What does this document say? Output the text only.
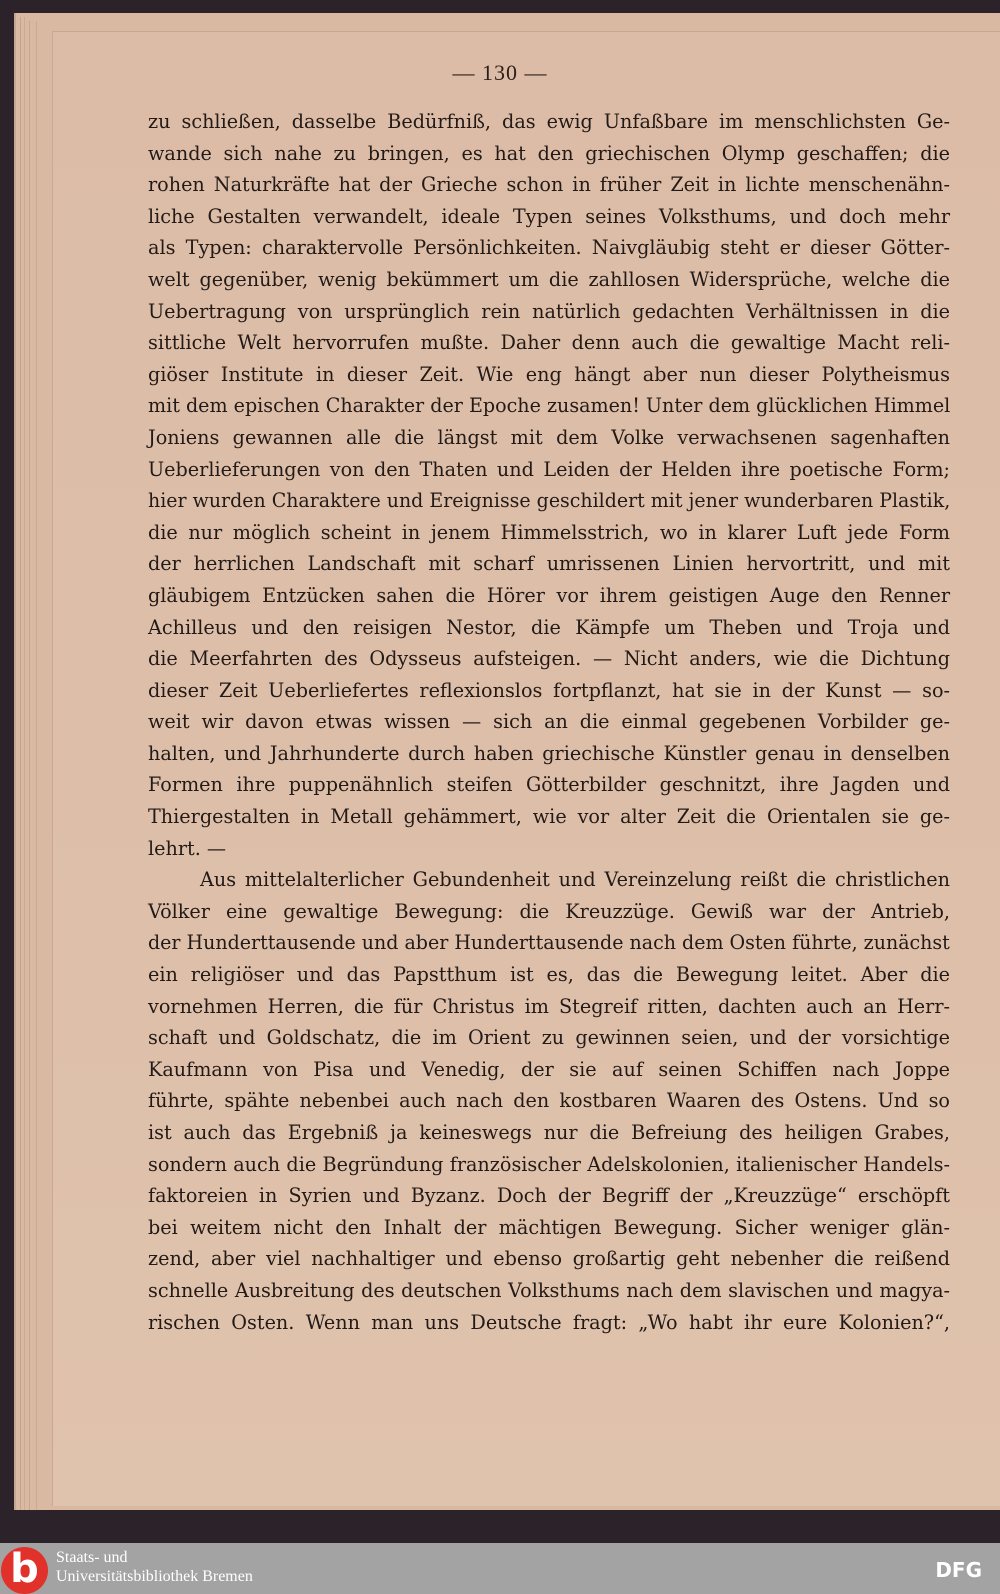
— 130 —
zu schließen, dasselbe Bedürfniß, das ewig Unfaßbare im menschlichsten Ge-
wande sich nahe zu bringen, es hat den griechischen Olymp geschaffen; die
rohen Naturkräfte hat der Grieche schon in früher Zeit in lichte menschenähn-
liche Gestalten verwandelt, ideale Typen seines Volksthums, und doch mehr
als Typen: charaktervolle Persönlichkeiten. Naivgläubig steht er dieser Götter-
welt gegenüber, wenig bekümmert um die zahllosen Widersprüche, welche die
Uebertragung von ursprünglich rein natürlich gedachten Verhältnissen in die
sittliche Welt hervorrufen mußte. Daher denn auch die gewaltige Macht reli-
giöser Institute in dieser Zeit. Wie eng hängt aber nun dieser Polytheismus
mit dem epischen Charakter der Epoche zusamen! Unter dem glücklichen Himmel
Joniens gewannen alle die längst mit dem Volke verwachsenen sagenhaften
Ueberlieferungen von den Thaten und Leiden der Helden ihre poetische Form;
hier wurden Charaktere und Ereignisse geschildert mit jener wunderbaren Plastik,
die nur möglich scheint in jenem Himmelsstrich, wo in klarer Luft jede Form
der herrlichen Landschaft mit scharf umrissenen Linien hervortritt, und mit
gläubigem Entzücken sahen die Hörer vor ihrem geistigen Auge den Renner
Achilleus und den reisigen Nestor, die Kämpfe um Theben und Troja und
die Meerfahrten des Odysseus aufsteigen. — Nicht anders, wie die Dichtung
dieser Zeit Ueberliefertes reflexionslos fortpflanzt, hat sie in der Kunst — so-
weit wir davon etwas wissen — sich an die einmal gegebenen Vorbilder ge-
halten, und Jahrhunderte durch haben griechische Künstler genau in denselben
Formen ihre puppenähnlich steifen Götterbilder geschnitzt, ihre Jagden und
Thiergestalten in Metall gehämmert, wie vor alter Zeit die Orientalen sie ge-
lehrt. —
Aus mittelalterlicher Gebundenheit und Vereinzelung reißt die christlichen
Völker eine gewaltige Bewegung: die Kreuzzüge. Gewiß war der Antrieb,
der Hunderttausende und aber Hunderttausende nach dem Osten führte, zunächst
ein religiöser und das Papstthum ist es, das die Bewegung leitet. Aber die
vornehmen Herren, die für Christus im Stegreif ritten, dachten auch an Herr-
schaft und Goldschatz, die im Orient zu gewinnen seien, und der vorsichtige
Kaufmann von Pisa und Venedig, der sie auf seinen Schiffen nach Joppe
führte, spähte nebenbei auch nach den kostbaren Waaren des Ostens. Und so
ist auch das Ergebniß ja keineswegs nur die Befreiung des heiligen Grabes,
sondern auch die Begründung französischer Adelskolonien, italienischer Handels-
faktoreien in Syrien und Byzanz. Doch der Begriff der „Kreuzzüge“ erschöpft
bei weitem nicht den Inhalt der mächtigen Bewegung. Sicher weniger glän-
zend, aber viel nachhaltiger und ebenso großartig geht nebenher die reißend
schnelle Ausbreitung des deutschen Volksthums nach dem slavischen und magya-
rischen Osten. Wenn man uns Deutsche fragt: „Wo habt ihr eure Kolonien?“,
b	Staats- und
Universitätsbibliothek Bremen	DFG
